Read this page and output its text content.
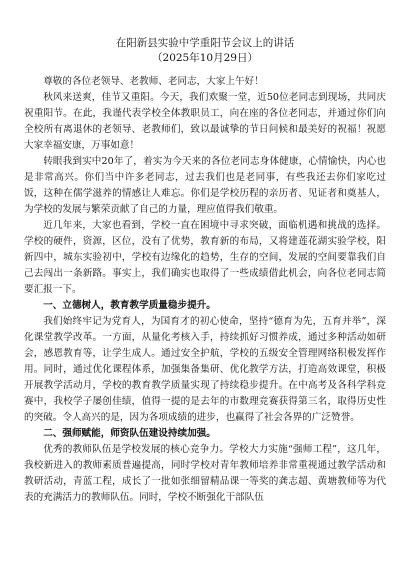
在阳新县实验中学重阳节会议上的讲话
（2025年10月29日）

尊敬的各位老领导、老教师、老同志，大家上午好！

秋风来送爽，佳节又重阳。今天，我们欢聚一堂，近50位老同志到现场，共同庆祝重阳节。在此，我谨代表学校全体教职员工，向在座的各位老同志，并通过你们向全校所有离退休的老领导、老教师们，致以最诚挚的节日问候和最美好的祝福！祝愿大家幸福安康，万事如意！

转眼我到实中20年了，着实为今天来的各位老同志身体健康，心情愉快，内心也是非常高兴。你们当中许多老同志，过去我们也是老同事，有些我还去你们家吃过饭，这种在儒学滋养的情感让人难忘。你们是学校历程的亲历者、见证者和奠基人，为学校的发展与繁荣贡献了自己的力量，理应值得我们敬重。

近几年来，大家也看到，学校一直在困境中寻求突破，面临机遇和挑战的选择。学校的硬件，资源，区位，没有了优势，教育新的布局，又将建莲花湖实验学校，阳新四中，城东实验初中，学校有边缘化的趋势，生存的空间，发展的空间要靠我们自己去闯出一条新路。事实上，我们确实也取得了一些成绩借此机会，向各位老同志简要汇报一下。

一、立德树人，教育教学质量稳步提升。

我们始终牢记为党育人，为国育才的初心使命，坚持“德育为先，五育并举”，深化课堂教学改革。一方面，从量化考核入手，持续抓好习惯养成，通过多种活动如研会，感恩教育等，让学生成人。通过安全护航，学校的五级安全管理网络积极发挥作用。同时，通过优化课程体系，加强集备集研、优化教学方法，打造高效课堂，积极开展教学活动月，学校的教育教学质量实现了持续稳步提升。在中高考及各科学科竞赛中，我校学子屡创佳绩，值得一提的是去年的市数理竞赛获得第三名，取得历史性的突破。令人高兴的是，因为各项成绩的进步，也赢得了社会各界的广泛赞誉。

二、强师赋能，师资队伍建设持续加强。

优秀的教师队伍是学校发展的核心竞争力。学校大力实施“强师工程”，这几年，我校新进入的教师素质普遍提高，同时学校对青年教师培养非常重视通过教学活动和教研活动，青蓝工程，成长了一批如张细留精品课一等奖的龚志超、黄塘教师等为代表的充满活力的教师队伍。同时，学校不断强化干部队伍
